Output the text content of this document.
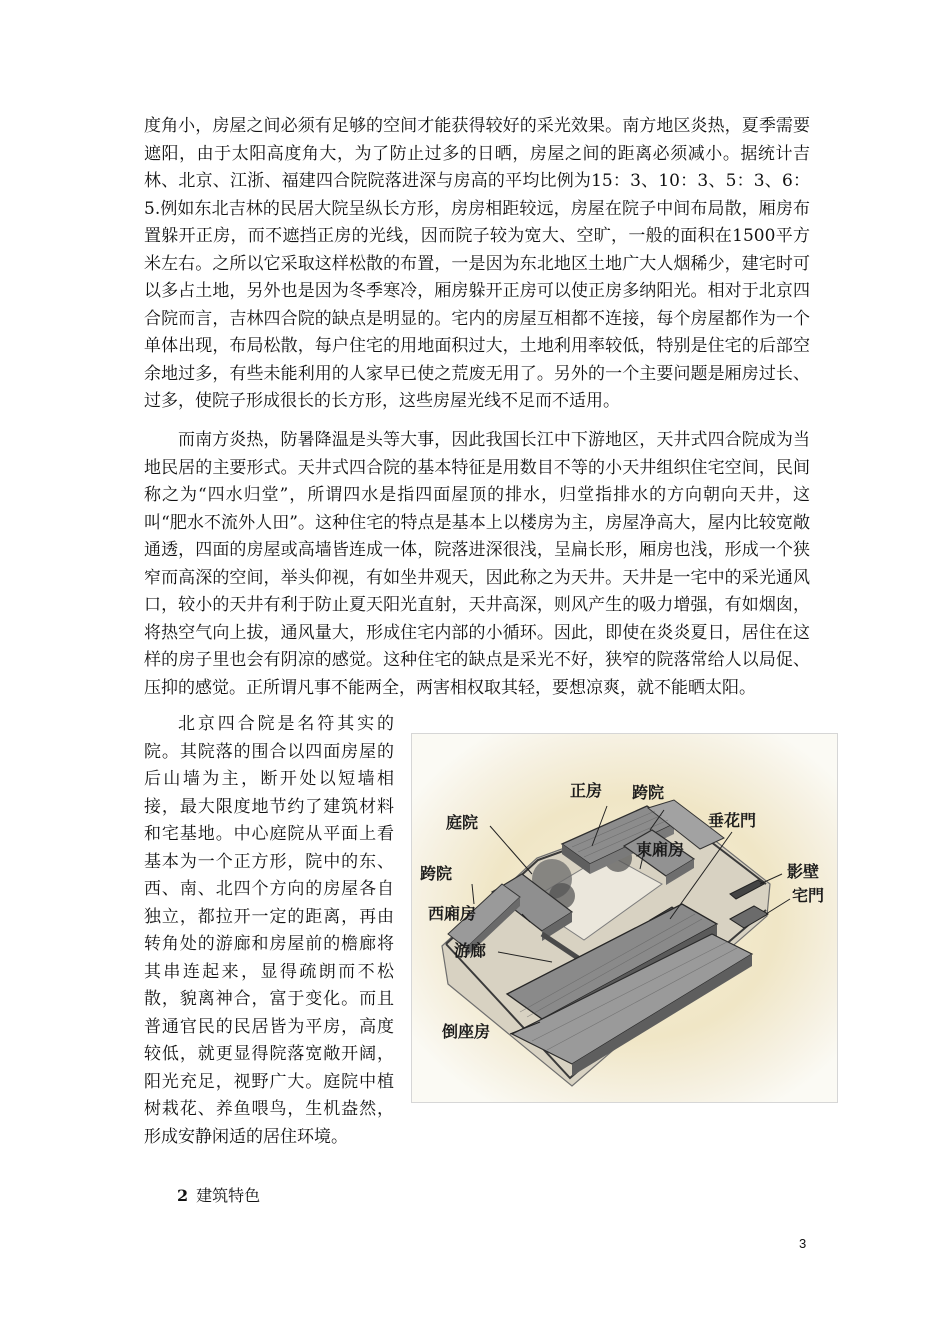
度角小，房屋之间必须有足够的空间才能获得较好的采光效果。南方地区炎热，夏季需要遮阳，由于太阳高度角大，为了防止过多的日晒，房屋之间的距离必须减小。据统计吉林、北京、江浙、福建四合院院落进深与房高的平均比例为15：3、10：3、5：3、6：5.例如东北吉林的民居大院呈纵长方形，房房相距较远，房屋在院子中间布局散，厢房布置躲开正房，而不遮挡正房的光线，因而院子较为宽大、空旷，一般的面积在1500平方米左右。之所以它采取这样松散的布置，一是因为东北地区土地广大人烟稀少，建宅时可以多占土地，另外也是因为冬季寒冷，厢房躲开正房可以使正房多纳阳光。相对于北京四合院而言，吉林四合院的缺点是明显的。宅内的房屋互相都不连接，每个房屋都作为一个单体出现，布局松散，每户住宅的用地面积过大，土地利用率较低，特别是住宅的后部空余地过多，有些未能利用的人家早已使之荒废无用了。另外的一个主要问题是厢房过长、过多，使院子形成很长的长方形，这些房屋光线不足而不适用。

而南方炎热，防暑降温是头等大事，因此我国长江中下游地区，天井式四合院成为当地民居的主要形式。天井式四合院的基本特征是用数目不等的小天井组织住宅空间，民间称之为“四水归堂”，所谓四水是指四面屋顶的排水，归堂指排水的方向朝向天井，这叫“肥水不流外人田”。这种住宅的特点是基本上以楼房为主，房屋净高大，屋内比较宽敞通透，四面的房屋或高墙皆连成一体，院落进深很浅，呈扁长形，厢房也浅，形成一个狭窄而高深的空间，举头仰视，有如坐井观天，因此称之为天井。天井是一宅中的采光通风口，较小的天井有利于防止夏天阳光直射，天井高深，则风产生的吸力增强，有如烟囱，将热空气向上拔，通风量大，形成住宅内部的小循环。因此，即使在炎炎夏日，居住在这样的房子里也会有阴凉的感觉。这种住宅的缺点是采光不好，狭窄的院落常给人以局促、压抑的感觉。正所谓凡事不能两全，两害相权取其轻，要想凉爽，就不能晒太阳。

北京四合院是名符其实的院。其院落的围合以四面房屋的后山墙为主，断开处以短墙相接，最大限度地节约了建筑材料和宅基地。中心庭院从平面上看基本为一个正方形，院中的东、西、南、北四个方向的房屋各自独立，都拉开一定的距离，再由转角处的游廊和房屋前的檐廊将其串连起来，显得疏朗而不松散，貌离神合，富于变化。而且普通官民的民居皆为平房，高度较低，就更显得院落宽敞开阔，阳光充足，视野广大。庭院中植树栽花、养鱼喂鸟，生机盎然，形成安静闲适的居住环境。

正房 跨院
庭院
東廂房
垂花門
跨院	影壁
宅門
西廂房
游廊
倒座房
2 建筑特色
3
